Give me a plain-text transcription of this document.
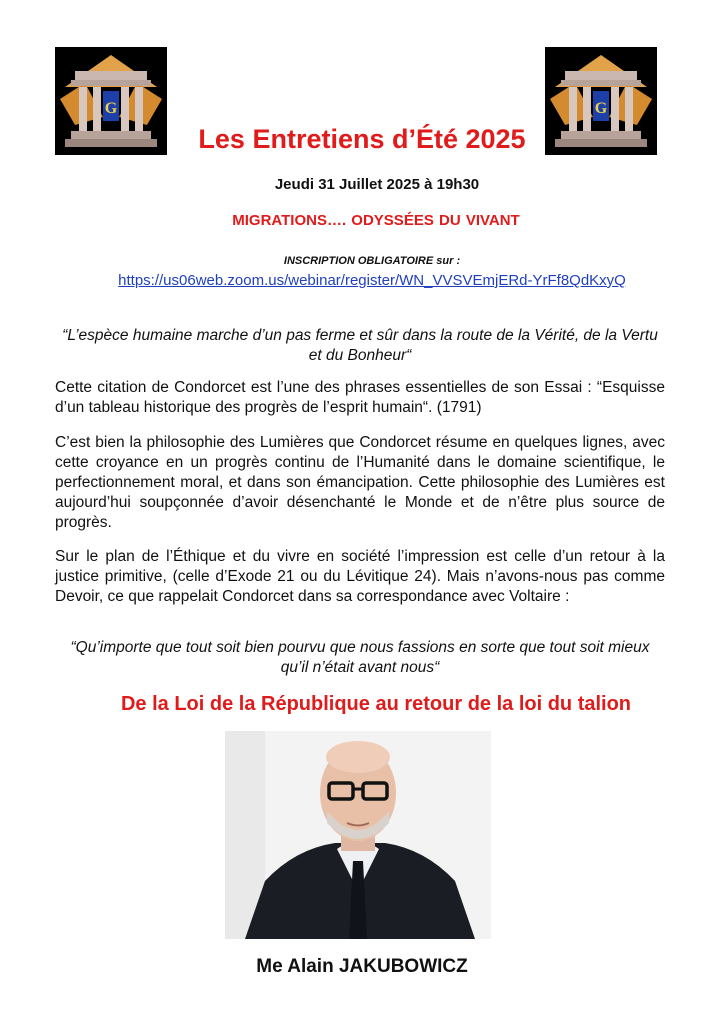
G	G
Les Entretiens d’Été 2025
Jeudi 31 Juillet 2025 à 19h30
MIGRATIONS…. ODYSSÉES DU VIVANT
INSCRIPTION OBLIGATOIRE sur :
https://us06web.zoom.us/webinar/register/WN_VVSVEmjERd-YrFf8QdKxyQ
“L’espèce humaine marche d’un pas ferme et sûr dans la route de la Vérité, de la Vertu et du Bonheur“
Cette citation de Condorcet est l’une des phrases essentielles de son Essai : “Esquisse d’un tableau historique des progrès de l’esprit humain“. (1791)
C’est bien la philosophie des Lumières que Condorcet résume en quelques lignes, avec cette croyance en un progrès continu de l’Humanité dans le domaine scientifique, le perfectionnement moral, et dans son émancipation. Cette philosophie des Lumières est aujourd’hui soupçonnée d’avoir désenchanté le Monde et de n’être plus source de progrès.
Sur le plan de l’Éthique et du vivre en société l’impression est celle d’un retour à la justice primitive, (celle d’Exode 21 ou du Lévitique 24). Mais n’avons-nous pas comme Devoir, ce que rappelait Condorcet dans sa correspondance avec Voltaire :
“Qu’importe que tout soit bien pourvu que nous fassions en sorte que tout soit mieux qu’il n’était avant nous“
De la Loi de la République au retour de la loi du talion
Me Alain JAKUBOWICZ
